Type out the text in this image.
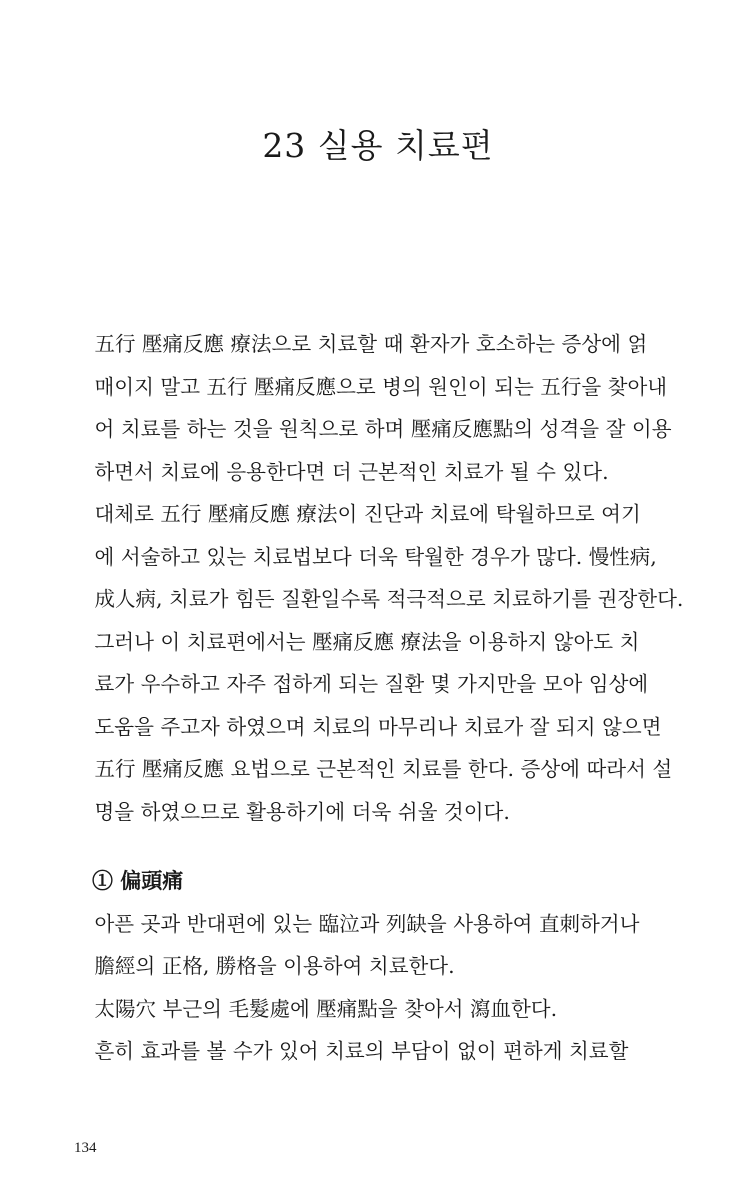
23 실용 치료편

五行 壓痛反應 療法으로 치료할 때 환자가 호소하는 증상에 얽
매이지 말고 五行 壓痛反應으로 병의 원인이 되는 五行을 찾아내
어 치료를 하는 것을 원칙으로 하며 壓痛反應點의 성격을 잘 이용
하면서 치료에 응용한다면 더 근본적인 치료가 될 수 있다.

대체로 五行 壓痛反應 療法이 진단과 치료에 탁월하므로 여기
에 서술하고 있는 치료법보다 더욱 탁월한 경우가 많다. 慢性病,
成人病, 치료가 힘든 질환일수록 적극적으로 치료하기를 권장한다.

그러나 이 치료편에서는 壓痛反應 療法을 이용하지 않아도 치
료가 우수하고 자주 접하게 되는 질환 몇 가지만을 모아 임상에
도움을 주고자 하였으며 치료의 마무리나 치료가 잘 되지 않으면
五行 壓痛反應 요법으로 근본적인 치료를 한다. 증상에 따라서 설
명을 하였으므로 활용하기에 더욱 쉬울 것이다.

① 偏頭痛

아픈 곳과 반대편에 있는 臨泣과 列缺을 사용하여 直刺하거나
膽經의 正格, 勝格을 이용하여 치료한다.

太陽穴 부근의 毛髮處에 壓痛點을 찾아서 瀉血한다.

흔히 효과를 볼 수가 있어 치료의 부담이 없이 편하게 치료할

134
